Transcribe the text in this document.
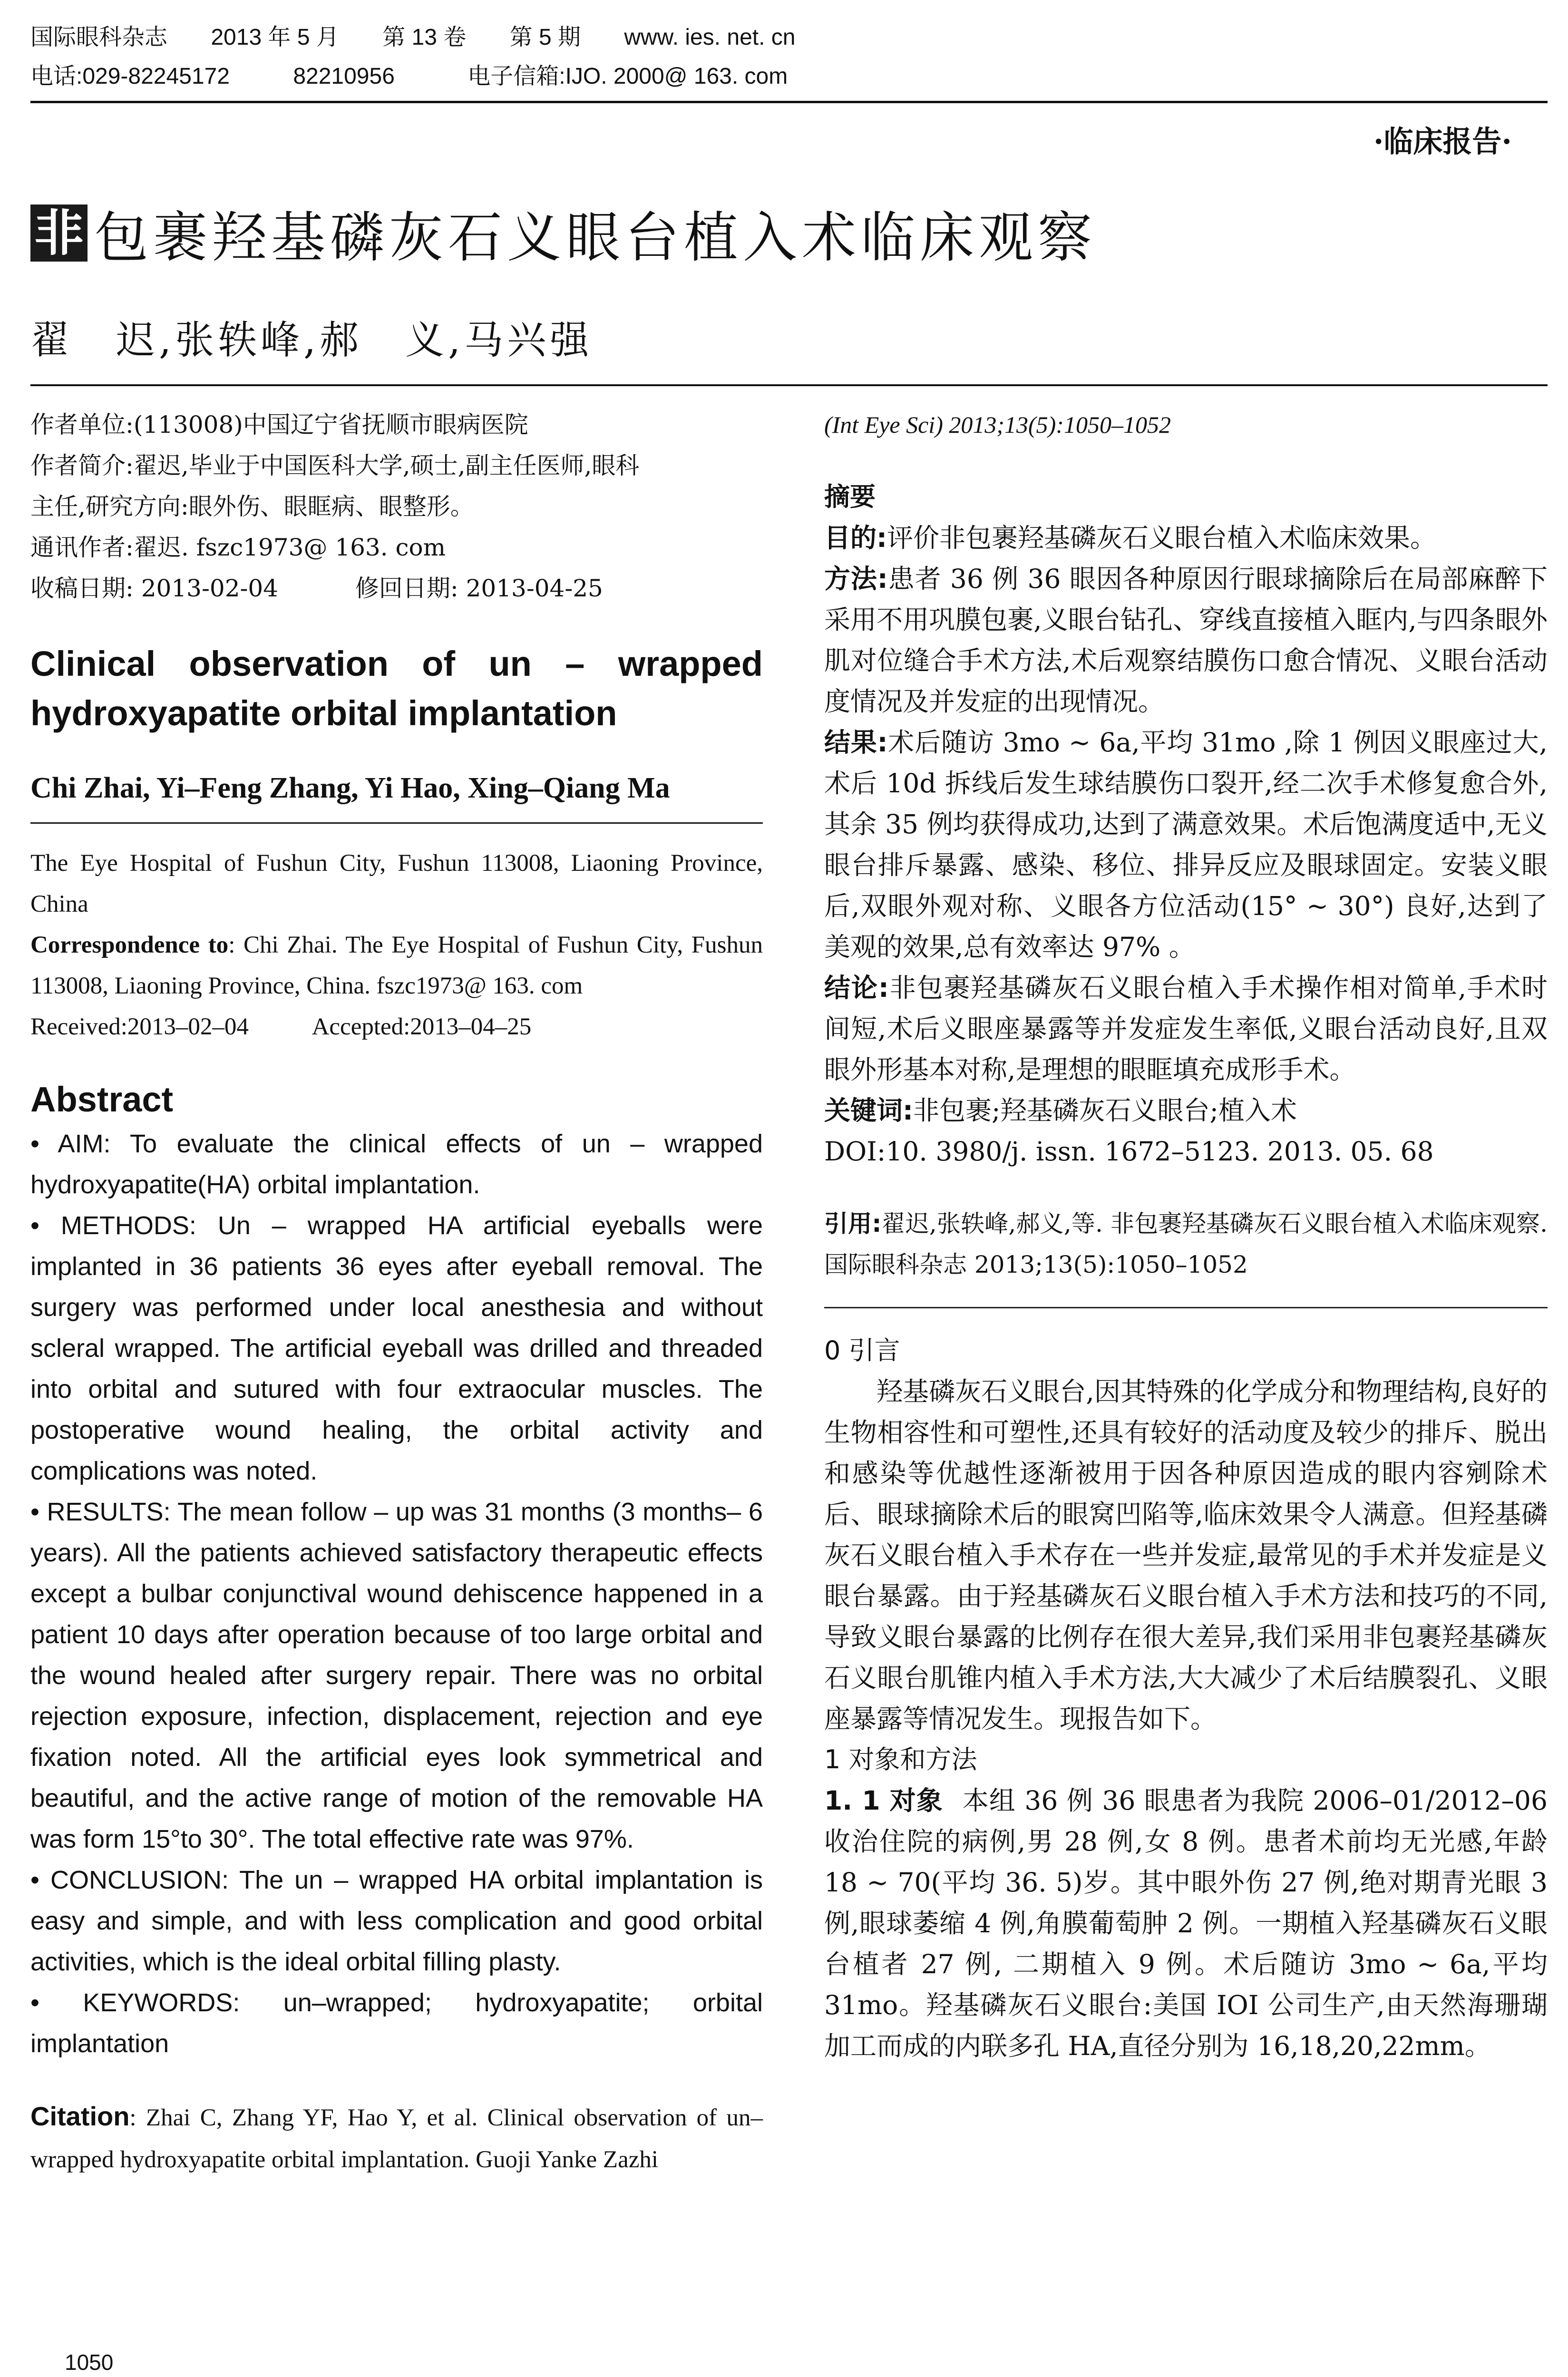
国际眼科杂志 2013 年 5 月 第 13 卷 第 5 期 www. ies. net. cn
电话:029-82245172	82210956	电子信箱:IJO. 2000@ 163. com
·临床报告·
非 包裹羟基磷灰石义眼台植入术临床观察
翟　迟,张轶峰,郝　义,马兴强
作者单位:(113008)中国辽宁省抚顺市眼病医院
作者简介:翟迟,毕业于中国医科大学,硕士,副主任医师,眼科
主任,研究方向:眼外伤、眼眶病、眼整形。
通讯作者:翟迟. fszc1973@ 163. com
收稿日期: 2013-02-04	修回日期: 2013-04-25
Clinical observation of un – wrapped hydroxyapatite orbital implantation
Chi Zhai, Yi–Feng Zhang, Yi Hao, Xing–Qiang Ma
The Eye Hospital of Fushun City, Fushun 113008, Liaoning Province, China
Correspondence to: Chi Zhai. The Eye Hospital of Fushun City, Fushun 113008, Liaoning Province, China. fszc1973@ 163. com
Received:2013–02–04	Accepted:2013–04–25
Abstract
• AIM: To evaluate the clinical effects of un – wrapped hydroxyapatite(HA) orbital implantation.
• METHODS: Un – wrapped HA artificial eyeballs were implanted in 36 patients 36 eyes after eyeball removal. The surgery was performed under local anesthesia and without scleral wrapped. The artificial eyeball was drilled and threaded into orbital and sutured with four extraocular muscles. The postoperative wound healing, the orbital activity and complications was noted.
• RESULTS: The mean follow – up was 31 months (3 months– 6 years). All the patients achieved satisfactory therapeutic effects except a bulbar conjunctival wound dehiscence happened in a patient 10 days after operation because of too large orbital and the wound healed after surgery repair. There was no orbital rejection exposure, infection, displacement, rejection and eye fixation noted. All the artificial eyes look symmetrical and beautiful, and the active range of motion of the removable HA was form 15°to 30°. The total effective rate was 97%.
• CONCLUSION: The un – wrapped HA orbital implantation is easy and simple, and with less complication and good orbital activities, which is the ideal orbital filling plasty.
• KEYWORDS: un–wrapped; hydroxyapatite; orbital implantation
Citation: Zhai C, Zhang YF, Hao Y, et al. Clinical observation of un–wrapped hydroxyapatite orbital implantation. Guoji Yanke Zazhi
1050
(Int Eye Sci) 2013;13(5):1050–1052
摘要
目的:评价非包裹羟基磷灰石义眼台植入术临床效果。
方法:患者 36 例 36 眼因各种原因行眼球摘除后在局部麻醉下采用不用巩膜包裹,义眼台钻孔、穿线直接植入眶内,与四条眼外肌对位缝合手术方法,术后观察结膜伤口愈合情况、义眼台活动度情况及并发症的出现情况。
结果:术后随访 3mo ~ 6a,平均 31mo ,除 1 例因义眼座过大, 术后 10d 拆线后发生球结膜伤口裂开,经二次手术修复愈合外,其余 35 例均获得成功,达到了满意效果。术后饱满度适中,无义眼台排斥暴露、感染、移位、排异反应及眼球固定。安装义眼后,双眼外观对称、义眼各方位活动(15° ~ 30°) 良好,达到了美观的效果,总有效率达 97% 。
结论:非包裹羟基磷灰石义眼台植入手术操作相对简单,手术时间短,术后义眼座暴露等并发症发生率低,义眼台活动良好,且双眼外形基本对称,是理想的眼眶填充成形手术。
关键词:非包裹;羟基磷灰石义眼台;植入术
DOI:10. 3980/j. issn. 1672–5123. 2013. 05. 68
引用:翟迟,张轶峰,郝义,等. 非包裹羟基磷灰石义眼台植入术临床观察. 国际眼科杂志 2013;13(5):1050–1052
0 引言
羟基磷灰石义眼台,因其特殊的化学成分和物理结构,良好的生物相容性和可塑性,还具有较好的活动度及较少的排斥、脱出和感染等优越性逐渐被用于因各种原因造成的眼内容剜除术后、眼球摘除术后的眼窝凹陷等,临床效果令人满意。但羟基磷灰石义眼台植入手术存在一些并发症,最常见的手术并发症是义眼台暴露。由于羟基磷灰石义眼台植入手术方法和技巧的不同, 导致义眼台暴露的比例存在很大差异,我们采用非包裹羟基磷灰石义眼台肌锥内植入手术方法,大大减少了术后结膜裂孔、义眼座暴露等情况发生。现报告如下。
1 对象和方法
1. 1 对象 本组 36 例 36 眼患者为我院 2006–01/2012–06 收治住院的病例,男 28 例,女 8 例。患者术前均无光感,年龄 18 ~ 70(平均 36. 5)岁。其中眼外伤 27 例,绝对期青光眼 3 例,眼球萎缩 4 例,角膜葡萄肿 2 例。一期植入羟基磷灰石义眼台植者 27 例, 二期植入 9 例。术后随访 3mo ~ 6a,平均 31mo。羟基磷灰石义眼台:美国 IOI 公司生产,由天然海珊瑚加工而成的内联多孔 HA,直径分别为 16,18,20,22mm。
